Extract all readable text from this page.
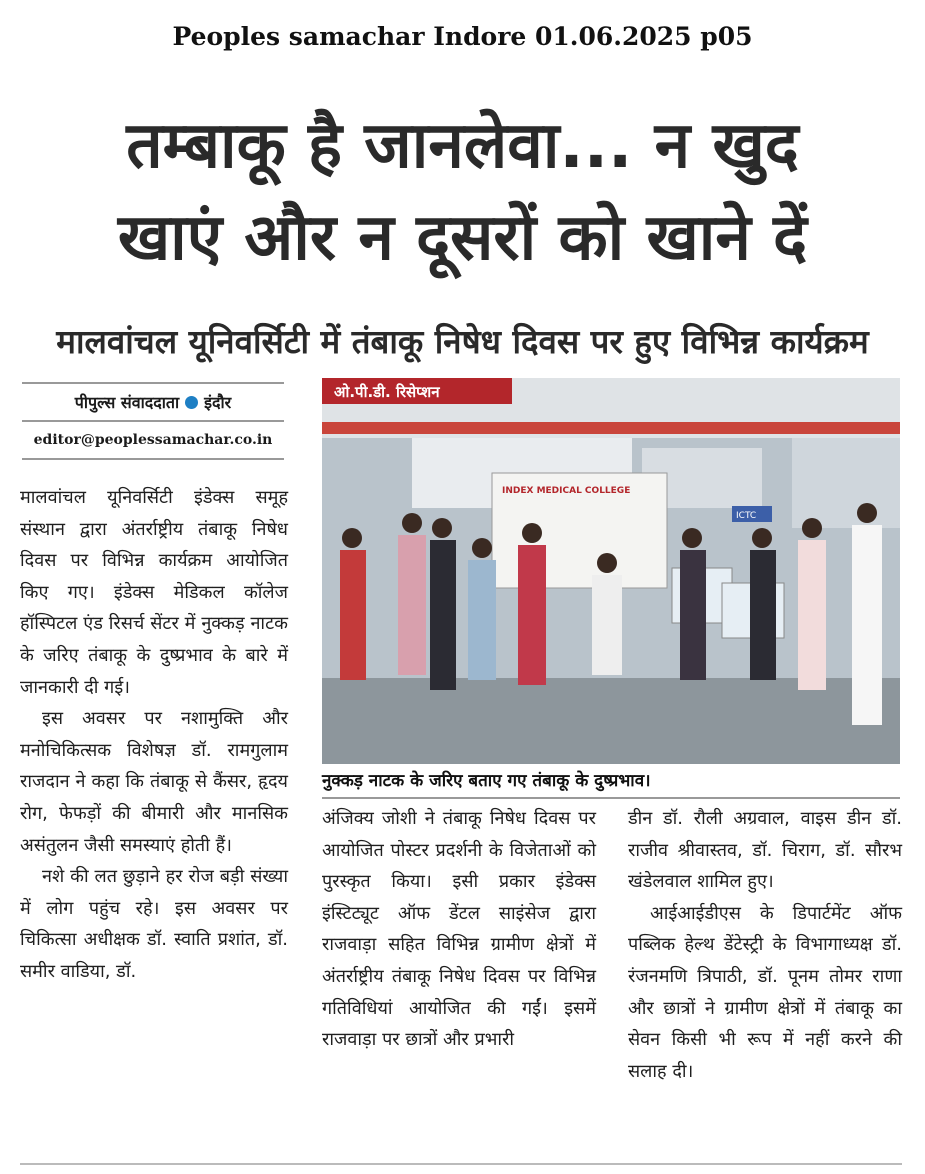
Peoples samachar Indore 01.06.2025 p05
तम्बाकू है जानलेवा... न खुद
खाएं और न दूसरों को खाने दें
मालवांचल यूनिवर्सिटी में तंबाकू निषेध दिवस पर हुए विभिन्न कार्यक्रम
पीपुल्स संवाददाता इंदौर
editor@peoplessamachar.co.in

मालवांचल यूनिवर्सिटी इंडेक्स समूह संस्थान द्वारा अंतर्राष्ट्रीय तंबाकू निषेध दिवस पर विभिन्न कार्यक्रम आयोजित किए गए। इंडेक्स मेडिकल कॉलेज हॉस्पिटल एंड रिसर्च सेंटर में नुक्कड़ नाटक के जरिए तंबाकू के दुष्प्रभाव के बारे में जानकारी दी गई।

इस अवसर पर नशामुक्ति और मनोचिकित्सक विशेषज्ञ डॉ. रामगुलाम राजदान ने कहा कि तंबाकू से कैंसर, हृदय रोग, फेफड़ों की बीमारी और मानसिक असंतुलन जैसी समस्याएं होती हैं।

नशे की लत छुड़ाने हर रोज बड़ी संख्या में लोग पहुंच रहे। इस अवसर पर चिकित्सा अधीक्षक डॉ. स्वाति प्रशांत, डॉ. समीर वाडिया, डॉ.

ओ.पी.डी. रिसेप्शन
ICTC
INDEX MEDICAL COLLEGE
नुक्कड़ नाटक के जरिए बताए गए तंबाकू के दुष्प्रभाव।

अंजिक्य जोशी ने तंबाकू निषेध दिवस पर आयोजित पोस्टर प्रदर्शनी के विजेताओं को पुरस्कृत किया। इसी प्रकार इंडेक्स इंस्टिट्यूट ऑफ डेंटल साइंसेज द्वारा राजवाड़ा सहित विभिन्न ग्रामीण क्षेत्रों में अंतर्राष्ट्रीय तंबाकू निषेध दिवस पर विभिन्न गतिविधियां आयोजित की गईं। इसमें राजवाड़ा पर छात्रों और प्रभारी

डीन डॉ. रौली अग्रवाल, वाइस डीन डॉ. राजीव श्रीवास्तव, डॉ. चिराग, डॉ. सौरभ खंडेलवाल शामिल हुए।

आईआईडीएस के डिपार्टमेंट ऑफ पब्लिक हेल्थ डेंटेस्ट्री के विभागाध्यक्ष डॉ. रंजनमणि त्रिपाठी, डॉ. पूनम तोमर राणा और छात्रों ने ग्रामीण क्षेत्रों में तंबाकू का सेवन किसी भी रूप में नहीं करने की सलाह दी।
